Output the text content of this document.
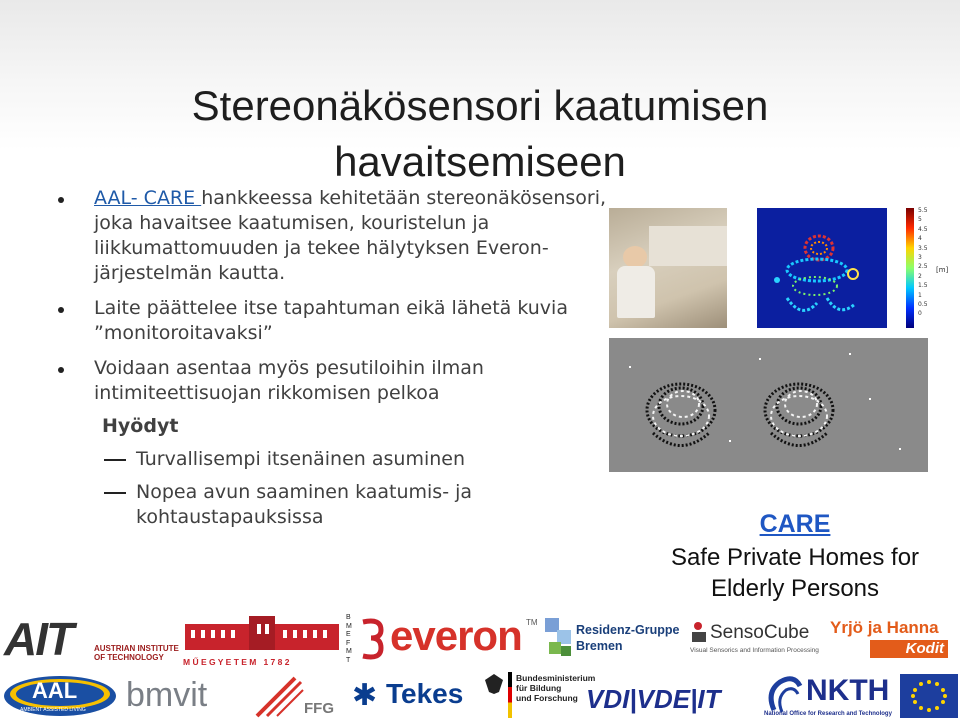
Stereonäkösensori kaatumisen havaitsemiseen
AAL- CARE hankkeessa kehitetään stereonäkösensori, joka havaitsee kaatumisen, kouristelun ja liikkumattomuuden ja tekee hälytyksen Everon-järjestelmän kautta.
Laite päättelee itse tapahtuman eikä lähetä kuvia ”monitoroitavaksi”
Voidaan asentaa myös pesutiloihin ilman intimiteettisuojan rikkomisen pelkoa
Hyödyt
Turvallisempi itsenäinen asuminen
Nopea avun saaminen kaatumis- ja kohtaustapauksissa
5.5
5
4.5
4
3.5
3
2.5
2
1.5
1
0.5
0
[m]
CARE
Safe Private Homes for Elderly Persons
AIT	AUSTRIAN INSTITUTE
OF TECHNOLOGY	M Ű E G Y E T E M   1 7 8 2
B M E F M T
everon TM
Residenz-Gruppe
Bremen
SensoCube
Visual Sensorics and Information Processing
Yrjö ja Hanna
Kodit
AAL
AMBIENT ASSISTED LIVING bmvit	FFG ✱ Tekes	Bundesministerium
für Bildung
und Forschung VDI|VDE|IT	NKTH
National Office for Research and Technology
